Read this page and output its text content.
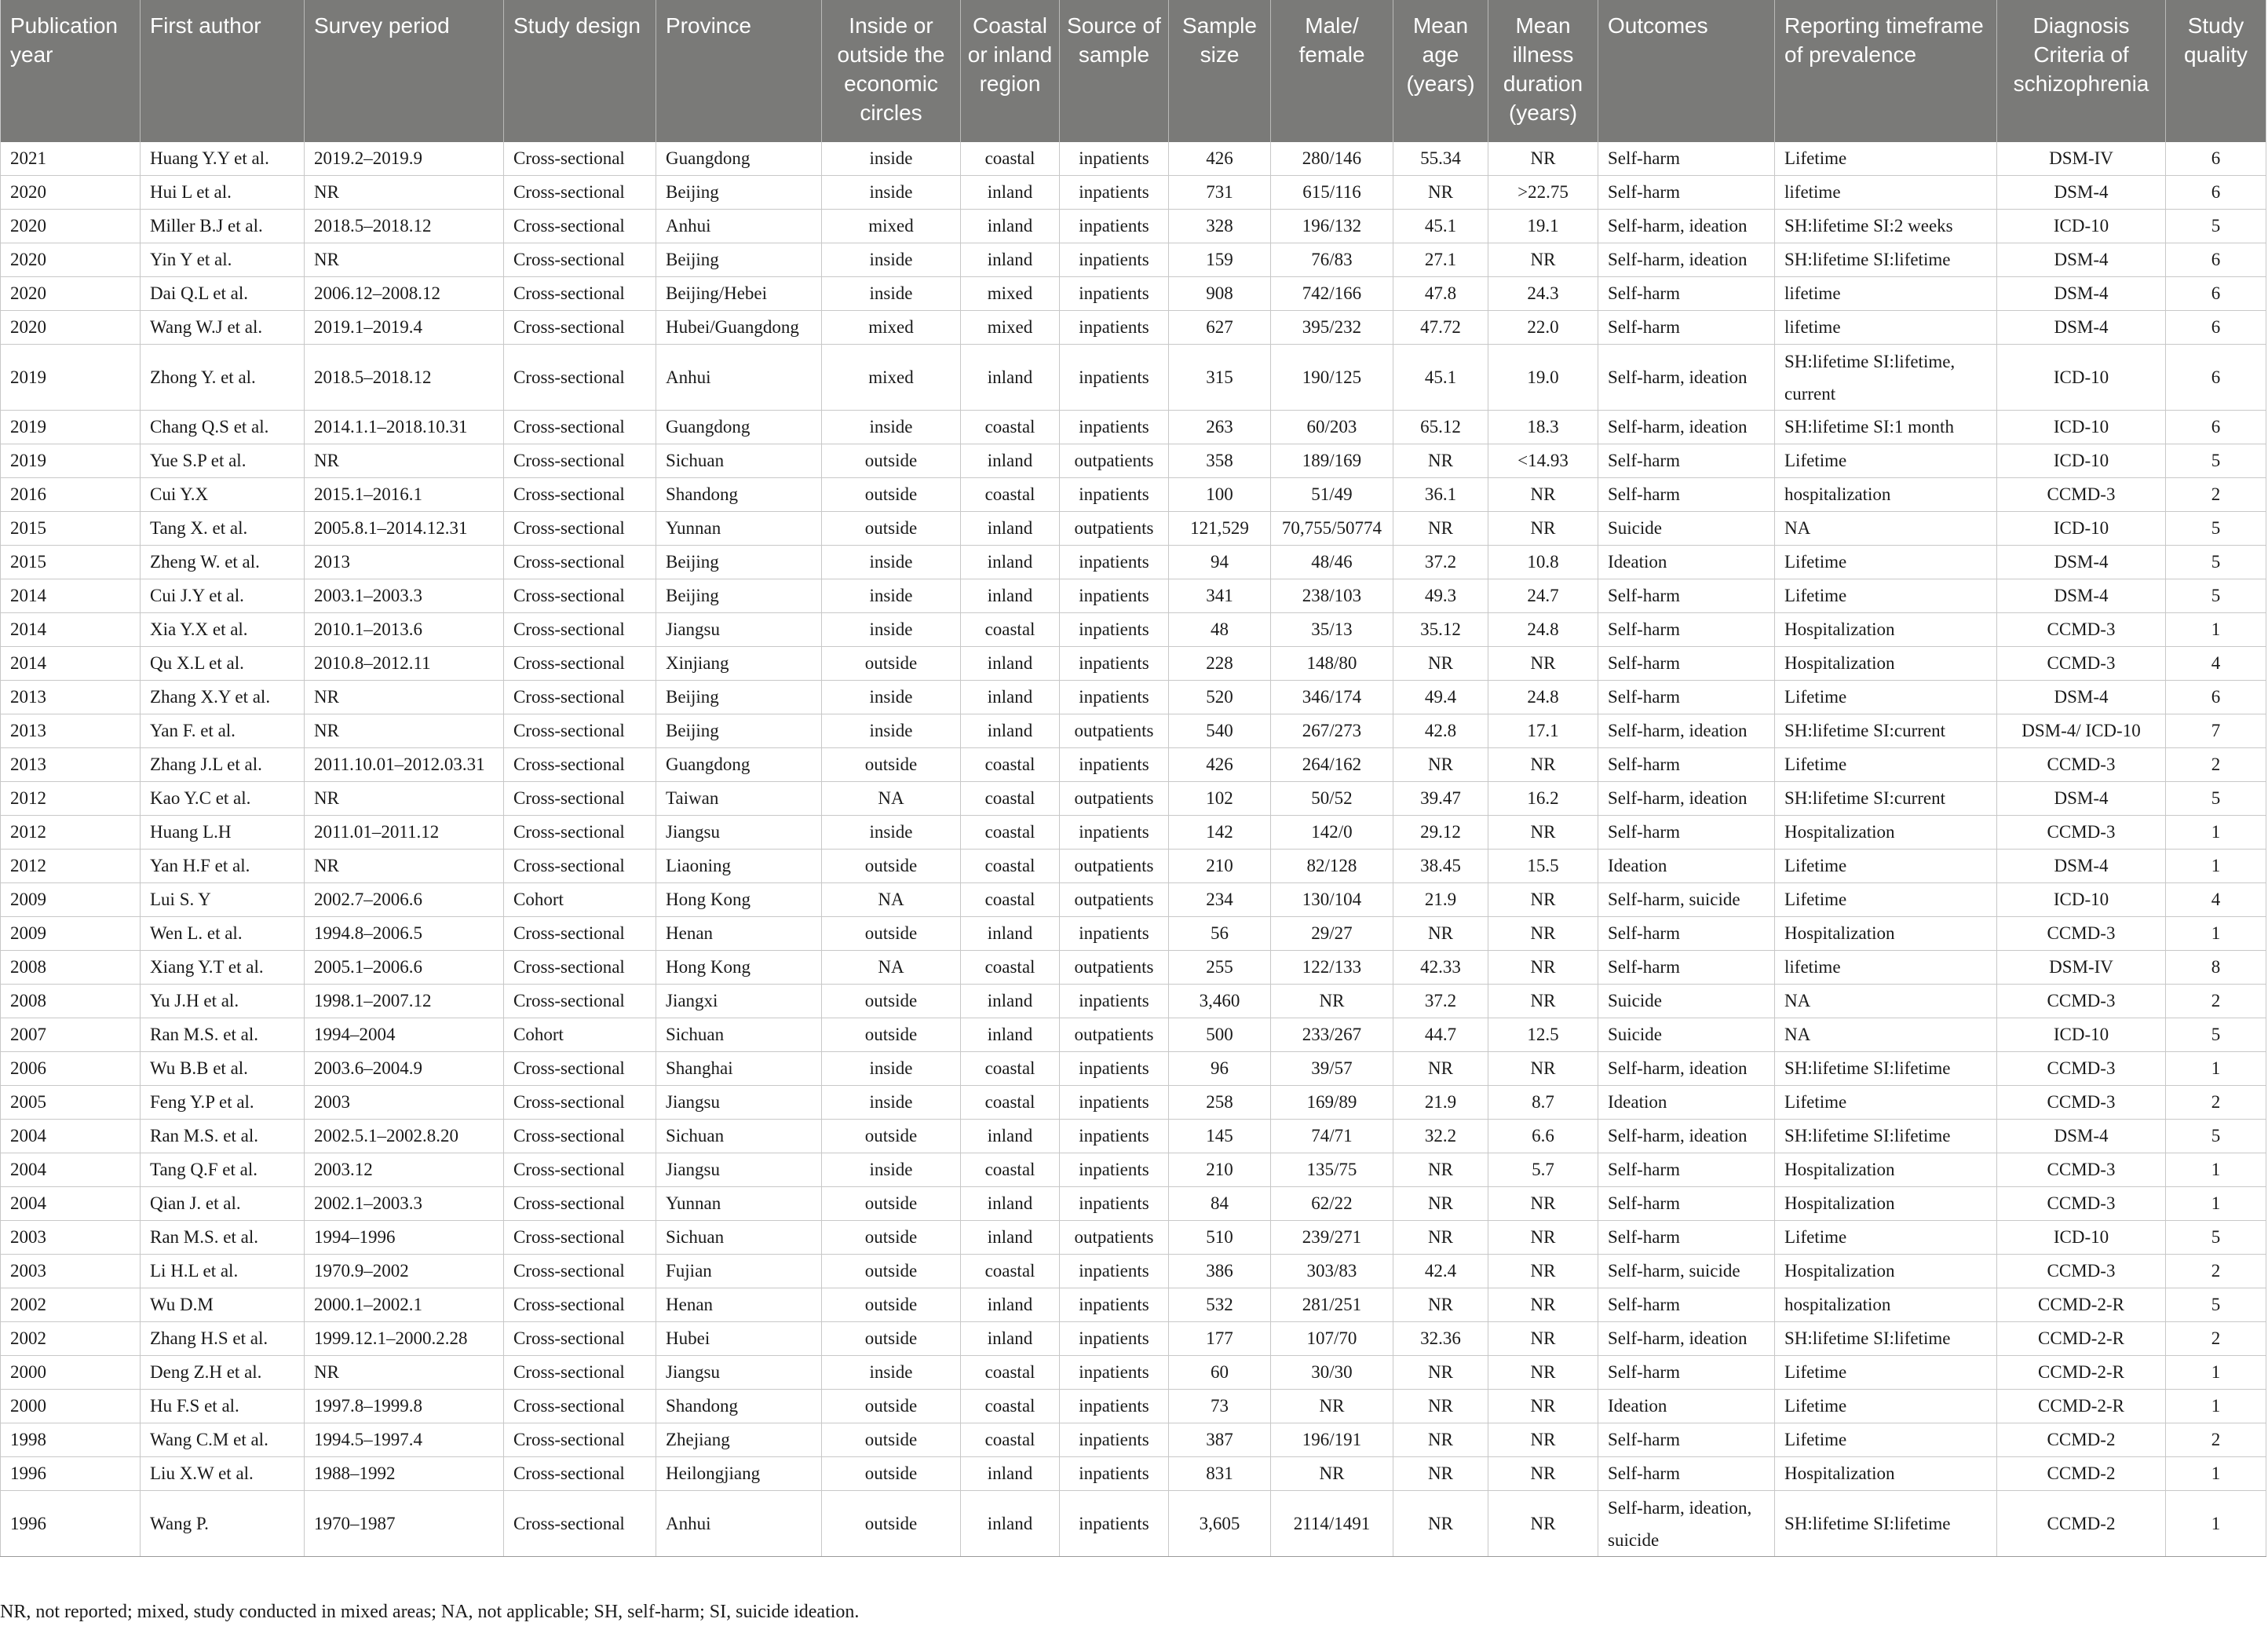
Publication year	First author	Survey period	Study design	Province	Inside or outside the economic circles	Coastal or inland region	Source of sample	Sample size	Male/ female	Mean age (years)	Mean illness duration (years)	Outcomes	Reporting timeframe of prevalence	Diagnosis Criteria of schizophrenia	Study quality
2021	Huang Y.Y et al.	2019.2–2019.9	Cross-sectional	Guangdong	inside	coastal	inpatients	426	280/146	55.34	NR	Self-harm	Lifetime	DSM-IV	6
2020	Hui L et al.	NR	Cross-sectional	Beijing	inside	inland	inpatients	731	615/116	NR	>22.75	Self-harm	lifetime	DSM-4	6
2020	Miller B.J et al.	2018.5–2018.12	Cross-sectional	Anhui	mixed	inland	inpatients	328	196/132	45.1	19.1	Self-harm, ideation	SH:lifetime SI:2 weeks	ICD-10	5
2020	Yin Y et al.	NR	Cross-sectional	Beijing	inside	inland	inpatients	159	76/83	27.1	NR	Self-harm, ideation	SH:lifetime SI:lifetime	DSM-4	6
2020	Dai Q.L et al.	2006.12–2008.12	Cross-sectional	Beijing/Hebei	inside	mixed	inpatients	908	742/166	47.8	24.3	Self-harm	lifetime	DSM-4	6
2020	Wang W.J et al.	2019.1–2019.4	Cross-sectional	Hubei/Guangdong	mixed	mixed	inpatients	627	395/232	47.72	22.0	Self-harm	lifetime	DSM-4	6
2019	Zhong Y. et al.	2018.5–2018.12	Cross-sectional	Anhui	mixed	inland	inpatients	315	190/125	45.1	19.0	Self-harm, ideation	SH:lifetime SI:lifetime, current	ICD-10	6
2019	Chang Q.S et al.	2014.1.1–2018.10.31	Cross-sectional	Guangdong	inside	coastal	inpatients	263	60/203	65.12	18.3	Self-harm, ideation	SH:lifetime SI:1 month	ICD-10	6
2019	Yue S.P et al.	NR	Cross-sectional	Sichuan	outside	inland	outpatients	358	189/169	NR	<14.93	Self-harm	Lifetime	ICD-10	5
2016	Cui Y.X	2015.1–2016.1	Cross-sectional	Shandong	outside	coastal	inpatients	100	51/49	36.1	NR	Self-harm	hospitalization	CCMD-3	2
2015	Tang X. et al.	2005.8.1–2014.12.31	Cross-sectional	Yunnan	outside	inland	outpatients	121,529	70,755/50774	NR	NR	Suicide	NA	ICD-10	5
2015	Zheng W. et al.	2013	Cross-sectional	Beijing	inside	inland	inpatients	94	48/46	37.2	10.8	Ideation	Lifetime	DSM-4	5
2014	Cui J.Y et al.	2003.1–2003.3	Cross-sectional	Beijing	inside	inland	inpatients	341	238/103	49.3	24.7	Self-harm	Lifetime	DSM-4	5
2014	Xia Y.X et al.	2010.1–2013.6	Cross-sectional	Jiangsu	inside	coastal	inpatients	48	35/13	35.12	24.8	Self-harm	Hospitalization	CCMD-3	1
2014	Qu X.L et al.	2010.8–2012.11	Cross-sectional	Xinjiang	outside	inland	inpatients	228	148/80	NR	NR	Self-harm	Hospitalization	CCMD-3	4
2013	Zhang X.Y et al.	NR	Cross-sectional	Beijing	inside	inland	inpatients	520	346/174	49.4	24.8	Self-harm	Lifetime	DSM-4	6
2013	Yan F. et al.	NR	Cross-sectional	Beijing	inside	inland	outpatients	540	267/273	42.8	17.1	Self-harm, ideation	SH:lifetime SI:current	DSM-4/ ICD-10	7
2013	Zhang J.L et al.	2011.10.01–2012.03.31	Cross-sectional	Guangdong	outside	coastal	inpatients	426	264/162	NR	NR	Self-harm	Lifetime	CCMD-3	2
2012	Kao Y.C et al.	NR	Cross-sectional	Taiwan	NA	coastal	outpatients	102	50/52	39.47	16.2	Self-harm, ideation	SH:lifetime SI:current	DSM-4	5
2012	Huang L.H	2011.01–2011.12	Cross-sectional	Jiangsu	inside	coastal	inpatients	142	142/0	29.12	NR	Self-harm	Hospitalization	CCMD-3	1
2012	Yan H.F et al.	NR	Cross-sectional	Liaoning	outside	coastal	outpatients	210	82/128	38.45	15.5	Ideation	Lifetime	DSM-4	1
2009	Lui S. Y	2002.7–2006.6	Cohort	Hong Kong	NA	coastal	outpatients	234	130/104	21.9	NR	Self-harm, suicide	Lifetime	ICD-10	4
2009	Wen L. et al.	1994.8–2006.5	Cross-sectional	Henan	outside	inland	inpatients	56	29/27	NR	NR	Self-harm	Hospitalization	CCMD-3	1
2008	Xiang Y.T et al.	2005.1–2006.6	Cross-sectional	Hong Kong	NA	coastal	outpatients	255	122/133	42.33	NR	Self-harm	lifetime	DSM-IV	8
2008	Yu J.H et al.	1998.1–2007.12	Cross-sectional	Jiangxi	outside	inland	inpatients	3,460	NR	37.2	NR	Suicide	NA	CCMD-3	2
2007	Ran M.S. et al.	1994–2004	Cohort	Sichuan	outside	inland	outpatients	500	233/267	44.7	12.5	Suicide	NA	ICD-10	5
2006	Wu B.B et al.	2003.6–2004.9	Cross-sectional	Shanghai	inside	coastal	inpatients	96	39/57	NR	NR	Self-harm, ideation	SH:lifetime SI:lifetime	CCMD-3	1
2005	Feng Y.P et al.	2003	Cross-sectional	Jiangsu	inside	coastal	inpatients	258	169/89	21.9	8.7	Ideation	Lifetime	CCMD-3	2
2004	Ran M.S. et al.	2002.5.1–2002.8.20	Cross-sectional	Sichuan	outside	inland	inpatients	145	74/71	32.2	6.6	Self-harm, ideation	SH:lifetime SI:lifetime	DSM-4	5
2004	Tang Q.F et al.	2003.12	Cross-sectional	Jiangsu	inside	coastal	inpatients	210	135/75	NR	5.7	Self-harm	Hospitalization	CCMD-3	1
2004	Qian J. et al.	2002.1–2003.3	Cross-sectional	Yunnan	outside	inland	inpatients	84	62/22	NR	NR	Self-harm	Hospitalization	CCMD-3	1
2003	Ran M.S. et al.	1994–1996	Cross-sectional	Sichuan	outside	inland	outpatients	510	239/271	NR	NR	Self-harm	Lifetime	ICD-10	5
2003	Li H.L et al.	1970.9–2002	Cross-sectional	Fujian	outside	coastal	inpatients	386	303/83	42.4	NR	Self-harm, suicide	Hospitalization	CCMD-3	2
2002	Wu D.M	2000.1–2002.1	Cross-sectional	Henan	outside	inland	inpatients	532	281/251	NR	NR	Self-harm	hospitalization	CCMD-2-R	5
2002	Zhang H.S et al.	1999.12.1–2000.2.28	Cross-sectional	Hubei	outside	inland	inpatients	177	107/70	32.36	NR	Self-harm, ideation	SH:lifetime SI:lifetime	CCMD-2-R	2
2000	Deng Z.H et al.	NR	Cross-sectional	Jiangsu	inside	coastal	inpatients	60	30/30	NR	NR	Self-harm	Lifetime	CCMD-2-R	1
2000	Hu F.S et al.	1997.8–1999.8	Cross-sectional	Shandong	outside	coastal	inpatients	73	NR	NR	NR	Ideation	Lifetime	CCMD-2-R	1
1998	Wang C.M et al.	1994.5–1997.4	Cross-sectional	Zhejiang	outside	coastal	inpatients	387	196/191	NR	NR	Self-harm	Lifetime	CCMD-2	2
1996	Liu X.W et al.	1988–1992	Cross-sectional	Heilongjiang	outside	inland	inpatients	831	NR	NR	NR	Self-harm	Hospitalization	CCMD-2	1
1996	Wang P.	1970–1987	Cross-sectional	Anhui	outside	inland	inpatients	3,605	2114/1491	NR	NR	Self-harm, ideation, suicide	SH:lifetime SI:lifetime	CCMD-2	1
NR, not reported; mixed, study conducted in mixed areas; NA, not applicable; SH, self-harm; SI, suicide ideation.
